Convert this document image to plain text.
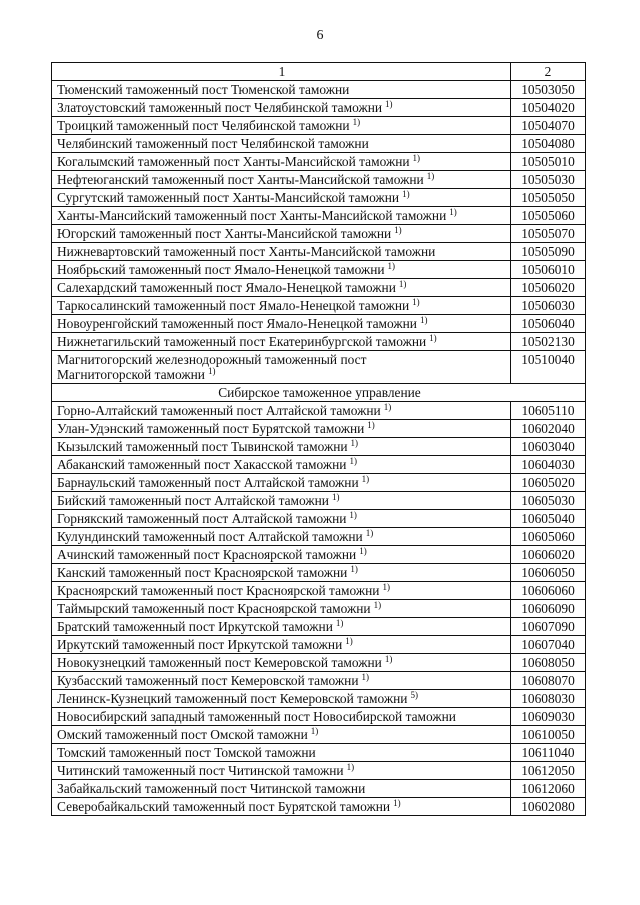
6
1	2
Тюменский таможенный пост Тюменской таможни	10503050
Златоустовский таможенный пост Челябинской таможни $^{1)}$	10504020
Троицкий таможенный пост Челябинской таможни $^{1)}$	10504070
Челябинский таможенный пост Челябинской таможни	10504080
Когалымский таможенный пост Ханты-Мансийской таможни $^{1)}$	10505010
Нефтеюганский таможенный пост Ханты-Мансийской таможни $^{1)}$	10505030
Сургутский таможенный пост Ханты-Мансийской таможни $^{1)}$	10505050
Ханты-Мансийский таможенный пост Ханты-Мансийской таможни $^{1)}$	10505060
Югорский таможенный пост Ханты-Мансийской таможни $^{1)}$	10505070
Нижневартовский таможенный пост Ханты-Мансийской таможни	10505090
Ноябрьский таможенный пост Ямало-Ненецкой таможни $^{1)}$	10506010
Салехардский таможенный пост Ямало-Ненецкой таможни $^{1)}$	10506020
Таркосалинский таможенный пост Ямало-Ненецкой таможни $^{1)}$	10506030
Новоуренгойский таможенный пост Ямало-Ненецкой таможни $^{1)}$	10506040
Нижнетагильский таможенный пост Екатеринбургской таможни $^{1)}$	10502130
Магнитогорский железнодорожный таможенный пост
Магнитогорской таможни $^{1)}$	10510040
Сибирское таможенное управление	
Горно-Алтайский таможенный пост Алтайской таможни $^{1)}$	10605110
Улан-Удэнский таможенный пост Бурятской таможни $^{1)}$	10602040
Кызылский таможенный пост Тывинской таможни $^{1)}$	10603040
Абаканский таможенный пост Хакасской таможни $^{1)}$	10604030
Барнаульский таможенный пост Алтайской таможни $^{1)}$	10605020
Бийский таможенный пост Алтайской таможни $^{1)}$	10605030
Горнякский таможенный пост Алтайской таможни $^{1)}$	10605040
Кулундинский таможенный пост Алтайской таможни $^{1)}$	10605060
Ачинский таможенный пост Красноярской таможни $^{1)}$	10606020
Канский таможенный пост Красноярской таможни $^{1)}$	10606050
Красноярский таможенный пост Красноярской таможни $^{1)}$	10606060
Таймырский таможенный пост Красноярской таможни $^{1)}$	10606090
Братский таможенный пост Иркутской таможни $^{1)}$	10607090
Иркутский таможенный пост Иркутской таможни $^{1)}$	10607040
Новокузнецкий таможенный пост Кемеровской таможни $^{1)}$	10608050
Кузбасский таможенный пост Кемеровской таможни $^{1)}$	10608070
Ленинск-Кузнецкий таможенный пост Кемеровской таможни $^{5)}$	10608030
Новосибирский западный таможенный пост Новосибирской таможни	10609030
Омский таможенный пост Омской таможни $^{1)}$	10610050
Томский таможенный пост Томской таможни	10611040
Читинский таможенный пост Читинской таможни $^{1)}$	10612050
Забайкальский таможенный пост Читинской таможни	10612060
Северобайкальский таможенный пост Бурятской таможни $^{1)}$	10602080
